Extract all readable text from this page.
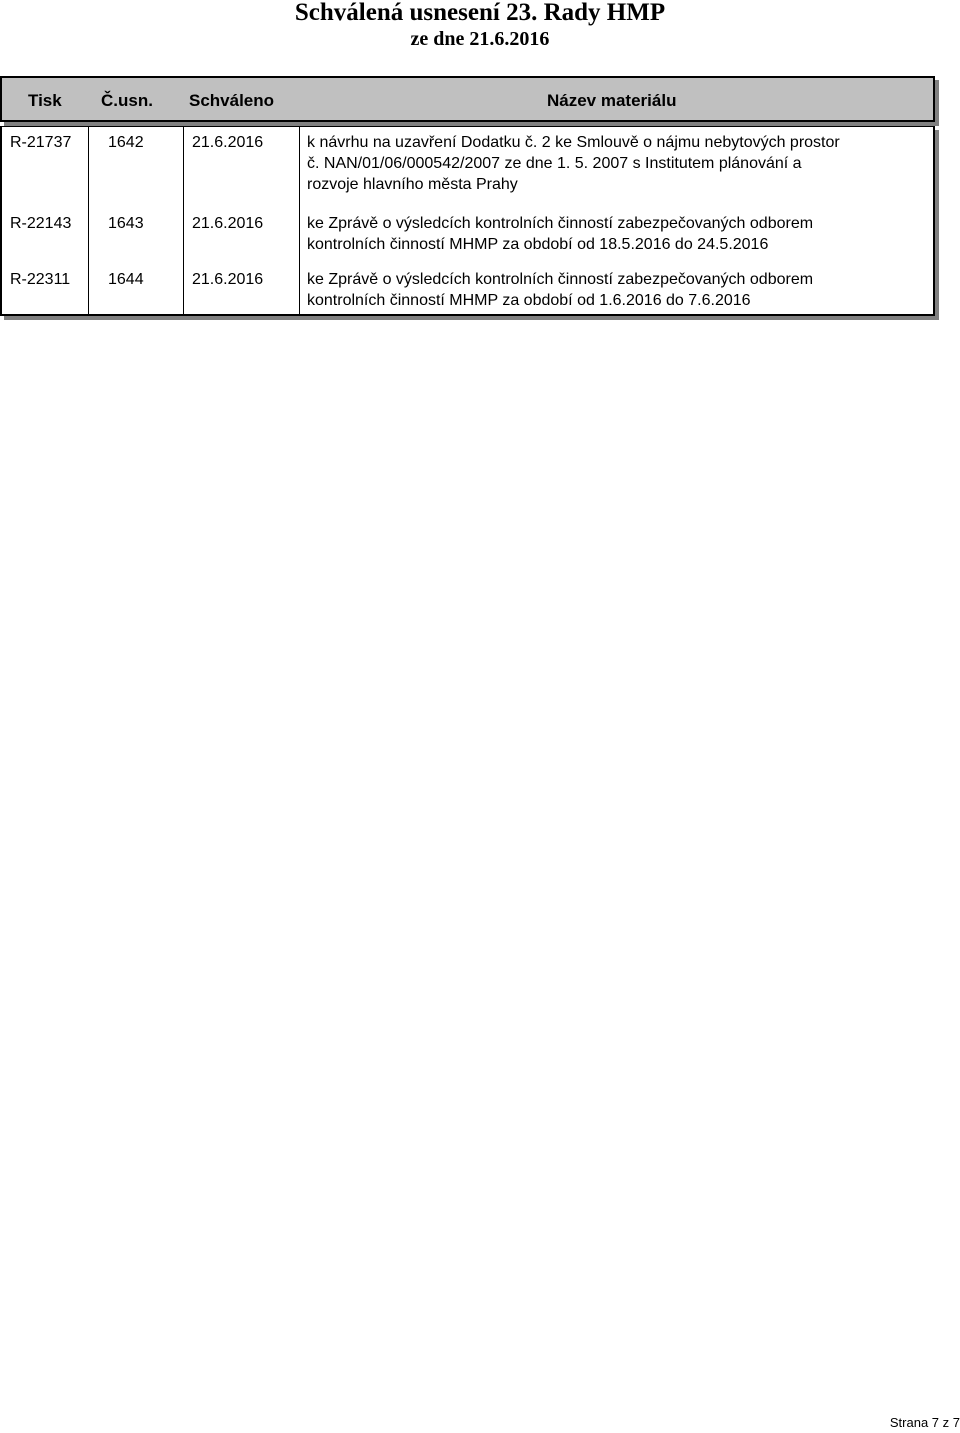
Schválená usnesení 23. Rady HMP
ze dne 21.6.2016
Tisk Č.usn. Schváleno	Název materiálu
R-21737 1642	21.6.2016	k návrhu na uzavření Dodatku č. 2 ke Smlouvě o nájmu nebytových prostor
č. NAN/01/06/000542/2007 ze dne 1. 5. 2007 s Institutem plánování a
rozvoje hlavního města Prahy
R-22143 1643	21.6.2016	ke Zprávě o výsledcích kontrolních činností zabezpečovaných odborem
kontrolních činností MHMP za období od 18.5.2016 do 24.5.2016
R-22311 1644	21.6.2016	ke Zprávě o výsledcích kontrolních činností zabezpečovaných odborem
kontrolních činností MHMP za období od 1.6.2016 do 7.6.2016
Strana 7 z 7
